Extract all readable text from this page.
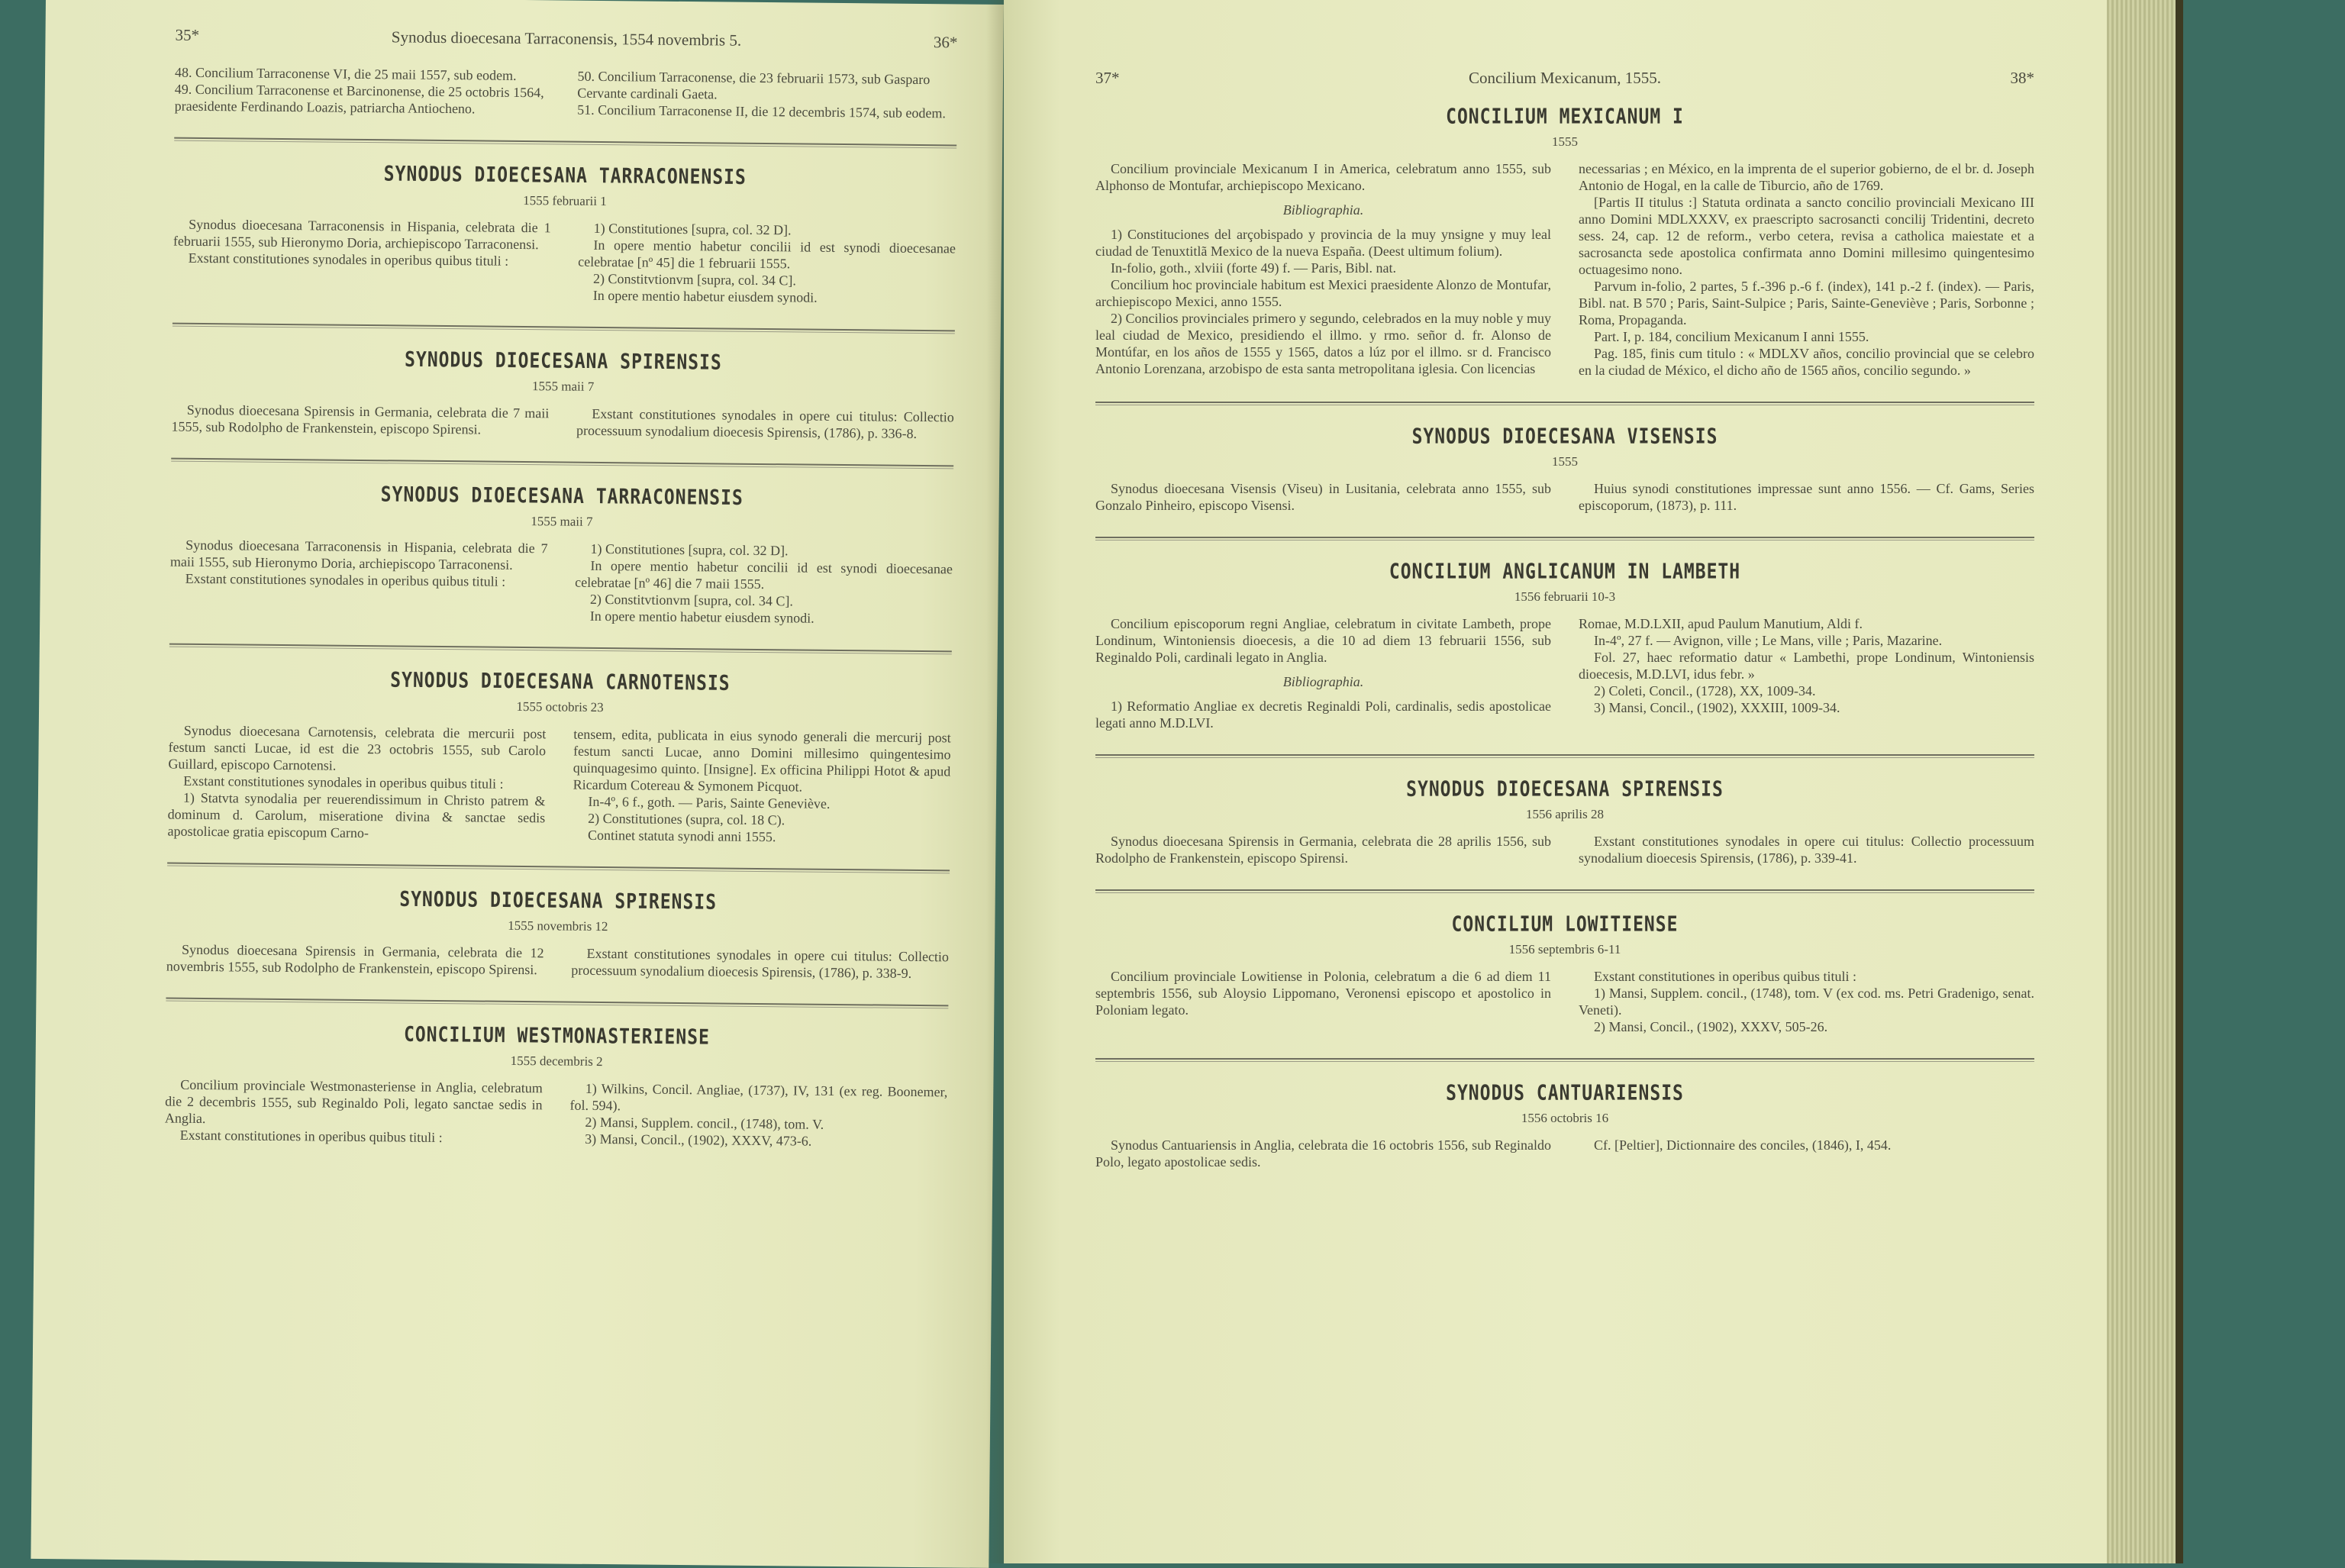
35*	Synodus dioecesana Tarraconensis, 1554 novembris 5.	36*

48. Concilium Tarraconense VI, die 25 maii 1557, sub eodem.

49. Concilium Tarraconense et Barcinonense, die 25 octobris 1564, praesidente Ferdinando Loazis, patriarcha Antiocheno.

50. Concilium Tarraconense, die 23 februarii 1573, sub Gasparo Cervante cardinali Gaeta.

51. Concilium Tarraconense II, die 12 decembris 1574, sub eodem.

SYNODUS DIOECESANA TARRACONENSIS
1555 februarii 1

Synodus dioecesana Tarraconensis in Hispania, celebrata die 1 februarii 1555, sub Hieronymo Doria, archiepiscopo Tarraconensi.

Exstant constitutiones synodales in operibus quibus tituli :

1) Constitutiones [supra, col. 32 D].

In opere mentio habetur concilii id est synodi dioecesanae celebratae [nº 45] die 1 februarii 1555.

2) Constitvtionvm [supra, col. 34 C].

In opere mentio habetur eiusdem synodi.

SYNODUS DIOECESANA SPIRENSIS
1555 maii 7

Synodus dioecesana Spirensis in Germania, celebrata die 7 maii 1555, sub Rodolpho de Frankenstein, episcopo Spirensi.

Exstant constitutiones synodales in opere cui titulus: Collectio processuum synodalium dioecesis Spirensis, (1786), p. 336-8.

SYNODUS DIOECESANA TARRACONENSIS
1555 maii 7

Synodus dioecesana Tarraconensis in Hispania, celebrata die 7 maii 1555, sub Hieronymo Doria, archiepiscopo Tarraconensi.

Exstant constitutiones synodales in operibus quibus tituli :

1) Constitutiones [supra, col. 32 D].

In opere mentio habetur concilii id est synodi dioecesanae celebratae [nº 46] die 7 maii 1555.

2) Constitvtionvm [supra, col. 34 C].

In opere mentio habetur eiusdem synodi.

SYNODUS DIOECESANA CARNOTENSIS
1555 octobris 23

Synodus dioecesana Carnotensis, celebrata die mercurii post festum sancti Lucae, id est die 23 octobris 1555, sub Carolo Guillard, episcopo Carnotensi.

Exstant constitutiones synodales in operibus quibus tituli :

1) Statvta synodalia per reuerendissimum in Christo patrem & dominum d. Carolum, miseratione divina & sanctae sedis apostolicae gratia episcopum Carno-

tensem, edita, publicata in eius synodo generali die mercurij post festum sancti Lucae, anno Domini millesimo quingentesimo quinquagesimo quinto. [Insigne]. Ex officina Philippi Hotot & apud Ricardum Cotereau & Symonem Picquot.

In-4º, 6 f., goth. — Paris, Sainte Geneviève.

2) Constitutiones (supra, col. 18 C).

Continet statuta synodi anni 1555.

SYNODUS DIOECESANA SPIRENSIS
1555 novembris 12

Synodus dioecesana Spirensis in Germania, celebrata die 12 novembris 1555, sub Rodolpho de Frankenstein, episcopo Spirensi.

Exstant constitutiones synodales in opere cui titulus: Collectio processuum synodalium dioecesis Spirensis, (1786), p. 338-9.

CONCILIUM WESTMONASTERIENSE
1555 decembris 2

Concilium provinciale Westmonasteriense in Anglia, celebratum die 2 decembris 1555, sub Reginaldo Poli, legato sanctae sedis in Anglia.

Exstant constitutiones in operibus quibus tituli :

1) Wilkins, Concil. Angliae, (1737), IV, 131 (ex reg. Boonemer, fol. 594).

2) Mansi, Supplem. concil., (1748), tom. V.

3) Mansi, Concil., (1902), XXXV, 473-6.

37*	Concilium Mexicanum, 1555.	38*
CONCILIUM MEXICANUM I
1555

Concilium provinciale Mexicanum I in America, celebratum anno 1555, sub Alphonso de Montufar, archiepiscopo Mexicano.

Bibliographia.

1) Constituciones del arçobispado y provincia de la muy ynsigne y muy leal ciudad de Tenuxtitlã Mexico de la nueva España. (Deest ultimum folium).

In-folio, goth., xlviii (forte 49) f. — Paris, Bibl. nat.

Concilium hoc provinciale habitum est Mexici praesidente Alonzo de Montufar, archiepiscopo Mexici, anno 1555.

2) Concilios provinciales primero y segundo, celebrados en la muy noble y muy leal ciudad de Mexico, presidiendo el illmo. y rmo. señor d. fr. Alonso de Montúfar, en los años de 1555 y 1565, datos a lúz por el illmo. sr d. Francisco Antonio Lorenzana, arzobispo de esta santa metropolitana iglesia. Con licencias

necessarias ; en México, en la imprenta de el superior gobierno, de el br. d. Joseph Antonio de Hogal, en la calle de Tiburcio, año de 1769.

[Partis II titulus :] Statuta ordinata a sancto concilio provinciali Mexicano III anno Domini MDLXXXV, ex praescripto sacrosancti concilij Tridentini, decreto sess. 24, cap. 12 de reform., verbo cetera, revisa a catholica maiestate et a sacrosancta sede apostolica confirmata anno Domini millesimo quingentesimo octuagesimo nono.

Parvum in-folio, 2 partes, 5 f.-396 p.-6 f. (index), 141 p.-2 f. (index). — Paris, Bibl. nat. B 570 ; Paris, Saint-Sulpice ; Paris, Sainte-Geneviève ; Paris, Sorbonne ; Roma, Propaganda.

Part. I, p. 184, concilium Mexicanum I anni 1555.

Pag. 185, finis cum titulo : « MDLXV años, concilio provincial que se celebro en la ciudad de México, el dicho año de 1565 años, concilio segundo. »

SYNODUS DIOECESANA VISENSIS
1555

Synodus dioecesana Visensis (Viseu) in Lusitania, celebrata anno 1555, sub Gonzalo Pinheiro, episcopo Visensi.

Huius synodi constitutiones impressae sunt anno 1556. — Cf. Gams, Series episcoporum, (1873), p. 111.

CONCILIUM ANGLICANUM IN LAMBETH
1556 februarii 10-3

Concilium episcoporum regni Angliae, celebratum in civitate Lambeth, prope Londinum, Wintoniensis dioecesis, a die 10 ad diem 13 februarii 1556, sub Reginaldo Poli, cardinali legato in Anglia.

Bibliographia.

1) Reformatio Angliae ex decretis Reginaldi Poli, cardinalis, sedis apostolicae legati anno M.D.LVI.

Romae, M.D.LXII, apud Paulum Manutium, Aldi f.

In-4º, 27 f. — Avignon, ville ; Le Mans, ville ; Paris, Mazarine.

Fol. 27, haec reformatio datur « Lambethi, prope Londinum, Wintoniensis dioecesis, M.D.LVI, idus febr. »

2) Coleti, Concil., (1728), XX, 1009-34.

3) Mansi, Concil., (1902), XXXIII, 1009-34.

SYNODUS DIOECESANA SPIRENSIS
1556 aprilis 28

Synodus dioecesana Spirensis in Germania, celebrata die 28 aprilis 1556, sub Rodolpho de Frankenstein, episcopo Spirensi.

Exstant constitutiones synodales in opere cui titulus: Collectio processuum synodalium dioecesis Spirensis, (1786), p. 339-41.

CONCILIUM LOWITIENSE
1556 septembris 6-11

Concilium provinciale Lowitiense in Polonia, celebratum a die 6 ad diem 11 septembris 1556, sub Aloysio Lippomano, Veronensi episcopo et apostolico in Poloniam legato.

Exstant constitutiones in operibus quibus tituli :

1) Mansi, Supplem. concil., (1748), tom. V (ex cod. ms. Petri Gradenigo, senat. Veneti).

2) Mansi, Concil., (1902), XXXV, 505-26.

SYNODUS CANTUARIENSIS
1556 octobris 16

Synodus Cantuariensis in Anglia, celebrata die 16 octobris 1556, sub Reginaldo Polo, legato apostolicae sedis.

Cf. [Peltier], Dictionnaire des conciles, (1846), I, 454.
